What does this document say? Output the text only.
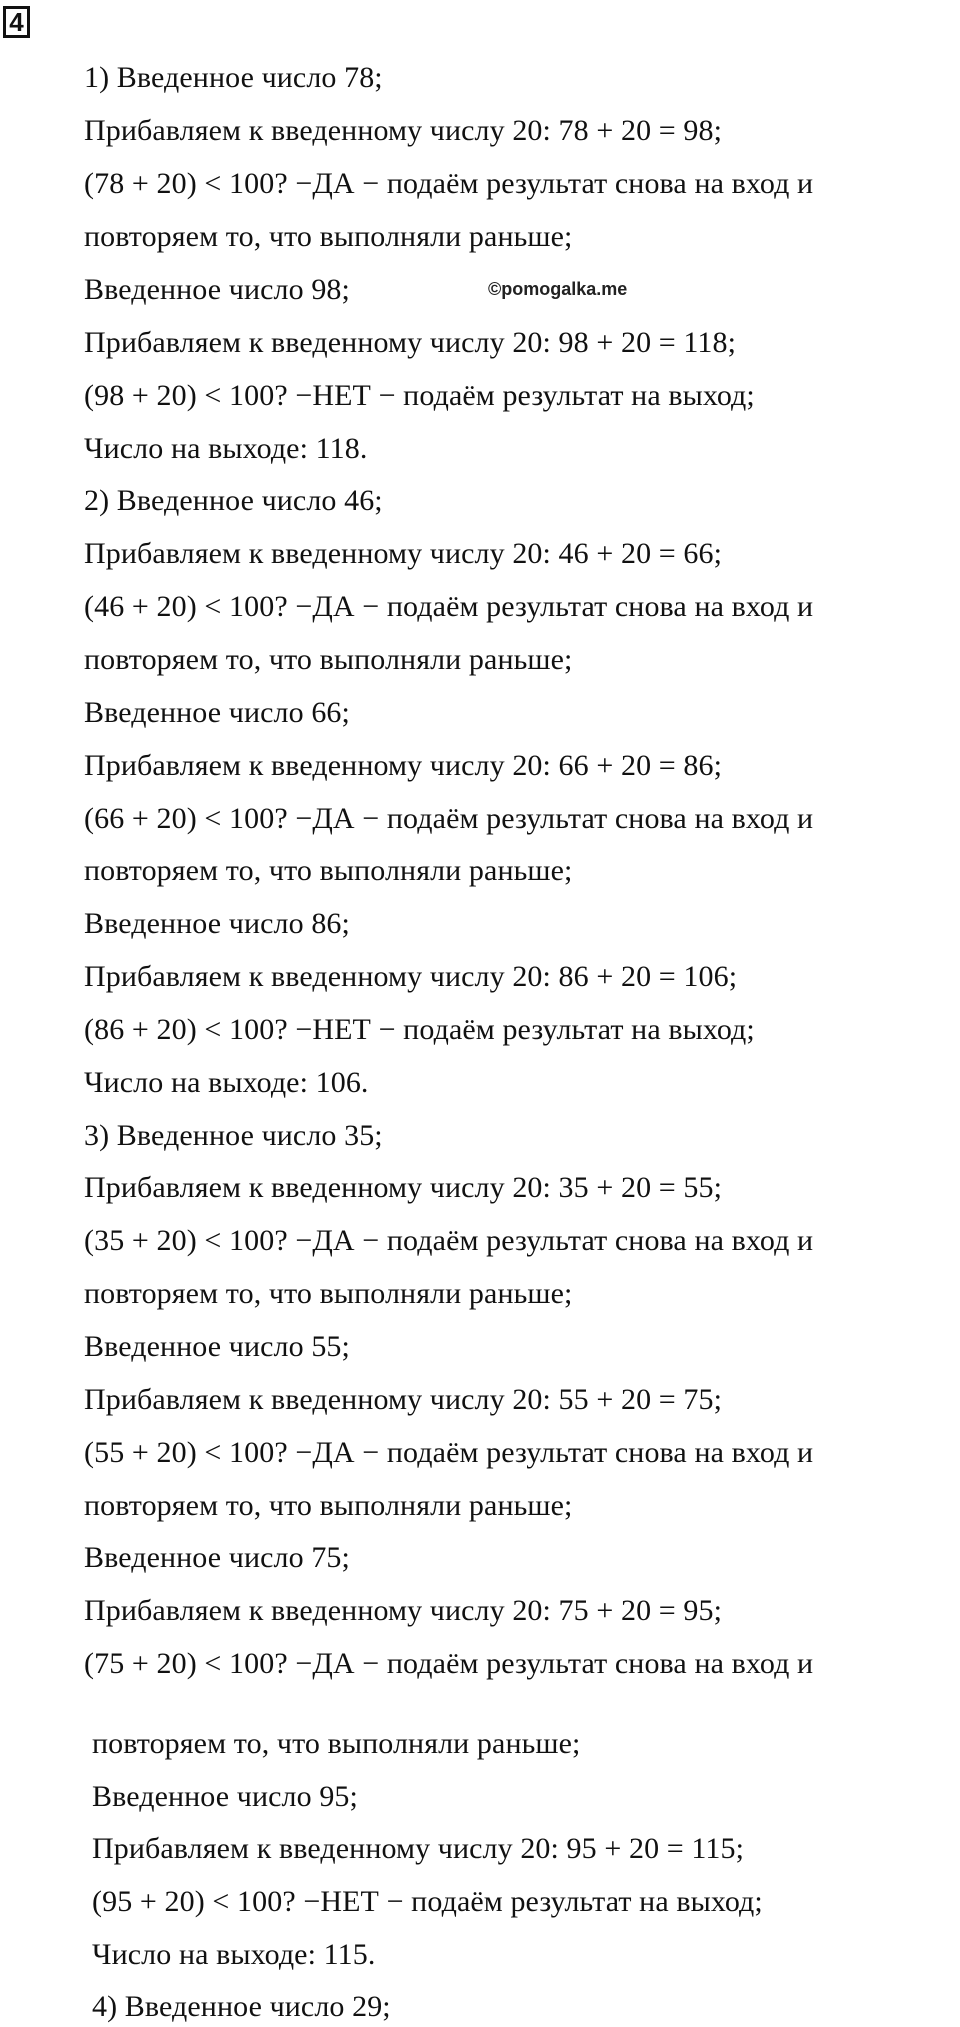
4
1) Введенное число 78;
Прибавляем к введенному числу 20: 78 + 20 = 98;
(78 + 20) < 100? −ДА − подаём результат снова на вход и
повторяем то, что выполняли раньше;
Введенное число 98;	©pomogalka.me
Прибавляем к введенному числу 20: 98 + 20 = 118;
(98 + 20) < 100? −НЕТ − подаём результат на выход;
Число на выходе: 118.
2) Введенное число 46;
Прибавляем к введенному числу 20: 46 + 20 = 66;
(46 + 20) < 100? −ДА − подаём результат снова на вход и
повторяем то, что выполняли раньше;
Введенное число 66;
Прибавляем к введенному числу 20: 66 + 20 = 86;
(66 + 20) < 100? −ДА − подаём результат снова на вход и
повторяем то, что выполняли раньше;
Введенное число 86;
Прибавляем к введенному числу 20: 86 + 20 = 106;
(86 + 20) < 100? −НЕТ − подаём результат на выход;
Число на выходе: 106.
3) Введенное число 35;
Прибавляем к введенному числу 20: 35 + 20 = 55;
(35 + 20) < 100? −ДА − подаём результат снова на вход и
повторяем то, что выполняли раньше;
Введенное число 55;
Прибавляем к введенному числу 20: 55 + 20 = 75;
(55 + 20) < 100? −ДА − подаём результат снова на вход и
повторяем то, что выполняли раньше;
Введенное число 75;
Прибавляем к введенному числу 20: 75 + 20 = 95;
(75 + 20) < 100? −ДА − подаём результат снова на вход и
повторяем то, что выполняли раньше;
Введенное число 95;
Прибавляем к введенному числу 20: 95 + 20 = 115;
(95 + 20) < 100? −НЕТ − подаём результат на выход;
Число на выходе: 115.
4) Введенное число 29;
